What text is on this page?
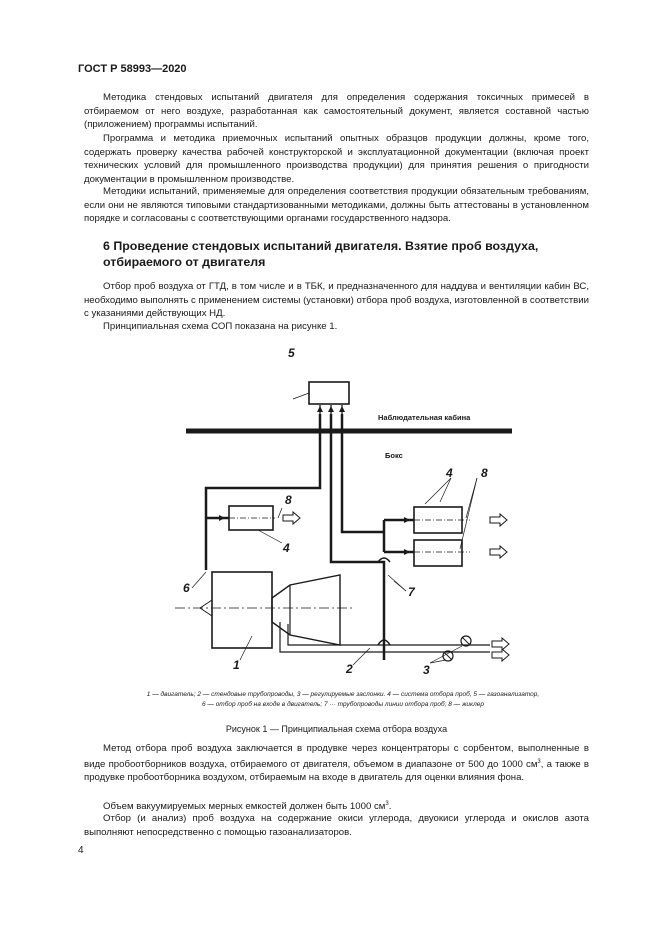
ГОСТ Р 58993—2020
Методика стендовых испытаний двигателя для определения содержания токсичных примесей в отбираемом от него воздухе, разработанная как самостоятельный документ, является составной частью (приложением) программы испытаний.
Программа и методика приемочных испытаний опытных образцов продукции должны, кроме того, содержать проверку качества рабочей конструкторской и эксплуатационной документации (включая проект технических условий для промышленного производства продукции) для принятия решения о пригодности документации в промышленном производстве.
Методики испытаний, применяемые для определения соответствия продукции обязательным требованиям, если они не являются типовыми стандартизованными методиками, должны быть аттестованы в установленном порядке и согласованы с соответствующими органами государственного надзора.
6 Проведение стендовых испытаний двигателя. Взятие проб воздуха, отбираемого от двигателя
Отбор проб воздуха от ГТД, в том числе и в ТБК, и предназначенного для наддува и вентиляции кабин ВС, необходимо выполнять с применением системы (установки) отбора проб воздуха, изготовленной в соответствии с указаниями действующих НД.
Принципиальная схема СОП показана на рисунке 1.
Наблюдательная кабина
Бокс
5
8
4
4 8
6	7
1	2	3
1 — двигатель; 2 — стендовые трубопроводы, 3 — регулируемые заслонки. 4 — система отбора проб, 5 — газоанализатор,
6 — отбор проб на входе в двигатель; 7 ··· трубопроводы линии отбора проб; 8 — жиклер
Рисунок 1 — Принципиальная схема отбора воздуха
Метод отбора проб воздуха заключается в продувке через концентраторы с сорбентом, выполненные в виде пробоотборников воздуха, отбираемого от двигателя, объемом в диапазоне от 500 до 1000 $см^3$, а также в продувке пробоотборника воздухом, отбираемым на входе в двигатель для оценки влияния фона.
Объем вакуумируемых мерных емкостей должен быть 1000 $см^3$.
Отбор (и анализ) проб воздуха на содержание окиси углерода, двуокиси углерода и окислов азота выполняют непосредственно с помощью газоанализаторов.
4
